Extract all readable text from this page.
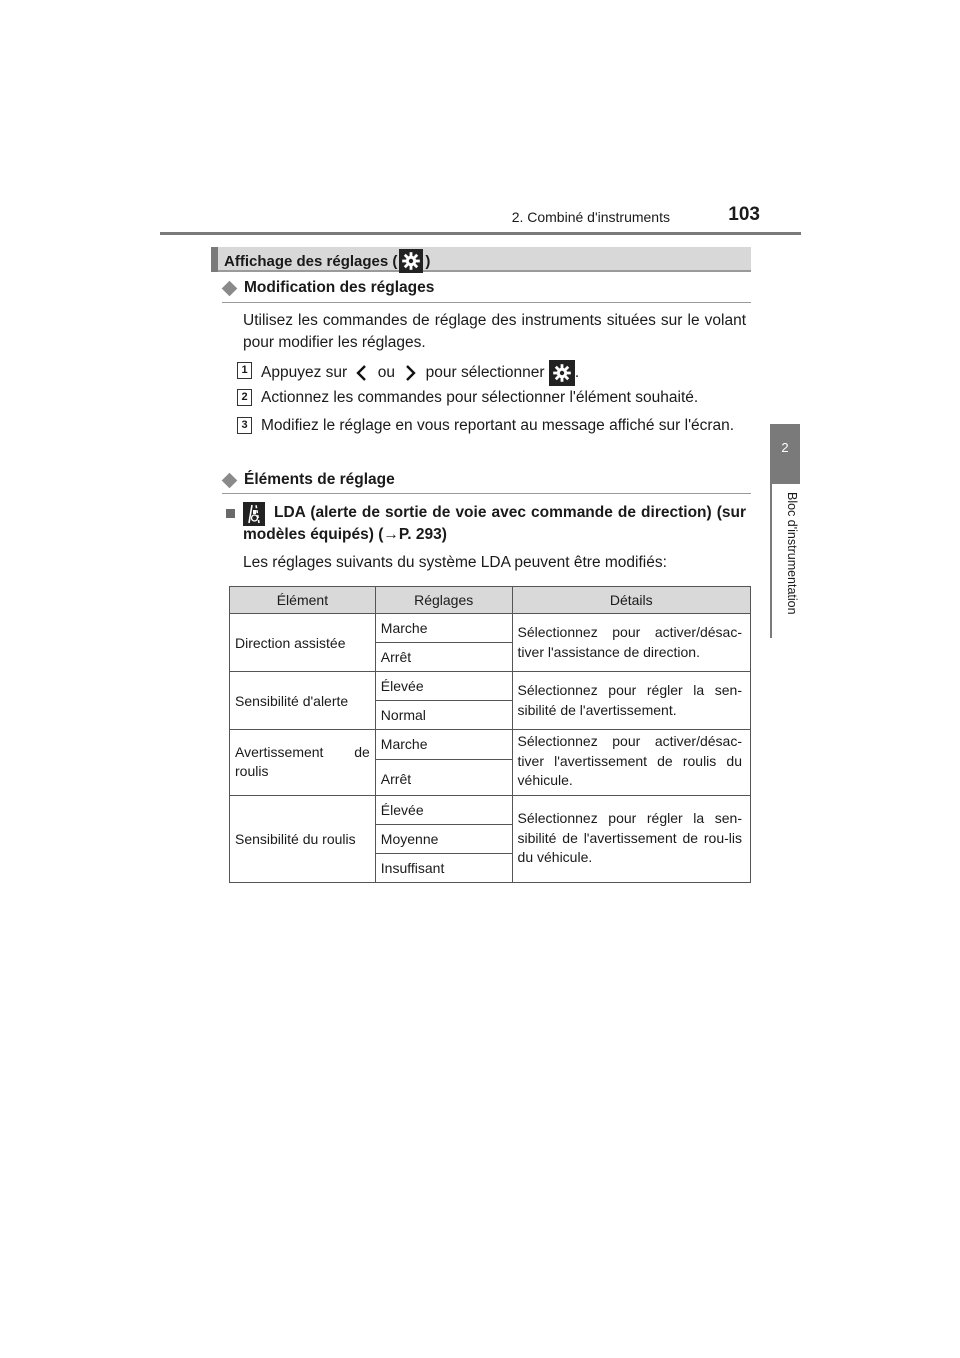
2. Combiné d'instruments	103
2
Bloc d'instrumentation
Affichage des réglages ( )
Modification des réglages
Utilisez les commandes de réglage des instruments situées sur le volant pour modifier les réglages.
1 Appuyez sur ou pour sélectionner .
2 Actionnez les commandes pour sélectionner l'élément souhaité.
3 Modifiez le réglage en vous reportant au message affiché sur l'écran.
Éléments de réglage
LDA (alerte de sortie de voie avec commande de direction) (sur modèles équipés) (→P. 293)
Les réglages suivants du système LDA peuvent être modifiés:
Élément	Réglages	Détails
Direction assistée	Marche	Sélectionnez pour activer/désac-tiver l'assistance de direction.
	Arrêt	
Sensibilité d'alerte	Élevée	Sélectionnez pour régler la sen-sibilité de l'avertissement.
	Normal	
Avertissement de roulis	Marche	Sélectionnez pour activer/désac-tiver l'avertissement de roulis du véhicule.
	Arrêt	
Sensibilité du roulis	Élevée	Sélectionnez pour régler la sen-sibilité de l'avertissement de rou-lis du véhicule.
	Moyenne	
	Insuffisant	
